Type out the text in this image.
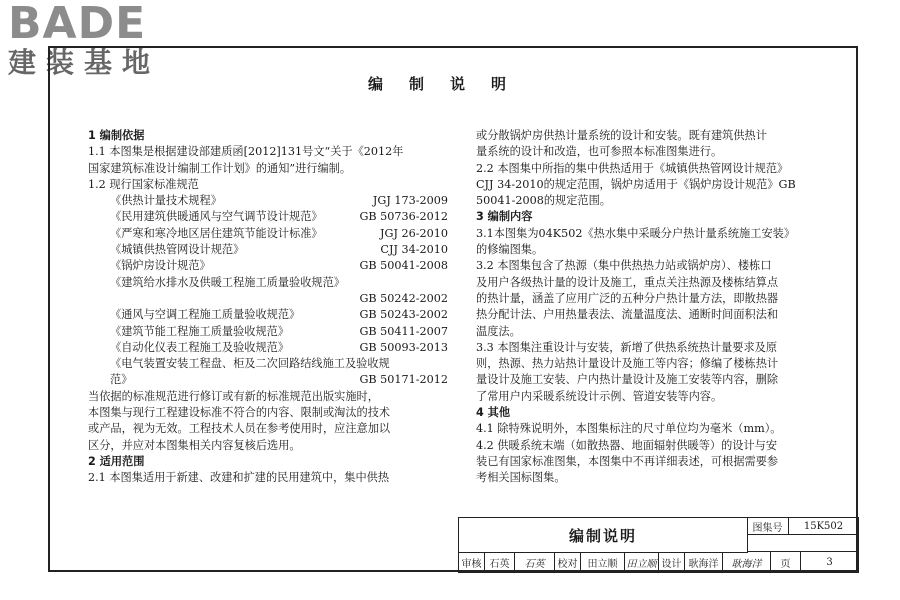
BADE
建装基地
编制说明

1 编制依据

1.1 本图集是根据建设部建质函[2012]131号文“关于《2012年

国家建筑标准设计编制工作计划》的通知”进行编制。

1.2 现行国家标准规范

《供热计量技术规程》	JGJ 173-2009
《民用建筑供暖通风与空气调节设计规范》	GB 50736-2012
《严寒和寒冷地区居住建筑节能设计标准》	JGJ 26-2010
《城镇供热管网设计规范》	CJJ 34-2010
《锅炉房设计规范》	GB 50041-2008
《建筑给水排水及供暖工程施工质量验收规范》
GB 50242-2002
《通风与空调工程施工质量验收规范》	GB 50243-2002
《建筑节能工程施工质量验收规范》	GB 50411-2007
《自动化仪表工程施工及验收规范》	GB 50093-2013
《电气装置安装工程盘、柜及二次回路结线施工及验收规
范》	GB 50171-2012

当依据的标准规范进行修订或有新的标准规范出版实施时，

本图集与现行工程建设标准不符合的内容、限制或淘汰的技术

或产品，视为无效。工程技术人员在参考使用时，应注意加以

区分，并应对本图集相关内容复核后选用。

2 适用范围

2.1 本图集适用于新建、改建和扩建的民用建筑中，集中供热

或分散锅炉房供热计量系统的设计和安装。既有建筑供热计

量系统的设计和改造，也可参照本标准图集进行。

2.2 本图集中所指的集中供热适用于《城镇供热管网设计规范》

CJJ 34-2010的规定范围，锅炉房适用于《锅炉房设计规范》GB

50041-2008的规定范围。

3 编制内容

3.1本图集为04K502《热水集中采暖分户热计量系统施工安装》

的修编图集。

3.2 本图集包含了热源（集中供热热力站或锅炉房）、楼栋口

及用户各级热计量的设计及施工，重点关注热源及楼栋结算点

的热计量，涵盖了应用广泛的五种分户热计量方法，即散热器

热分配计法、户用热量表法、流量温度法、通断时间面积法和

温度法。

3.3 本图集注重设计与安装，新增了供热系统热计量要求及原

则，热源、热力站热计量设计及施工等内容；修编了楼栋热计

量设计及施工安装、户内热计量设计及施工安装等内容，删除

了常用户内采暖系统设计示例、管道安装等内容。

4 其他

4.1 除特殊说明外，本图集标注的尺寸单位均为毫米（mm）。

4.2 供暖系统末端（如散热器、地面辐射供暖等）的设计与安

装已有国家标准图集，本图集中不再详细表述，可根据需要参

考相关国标图集。

编制说明	图集号	15K502
审核 石英	石英	校对	田立顺 田立顺 设计 耿海洋	耿海洋	页	3
